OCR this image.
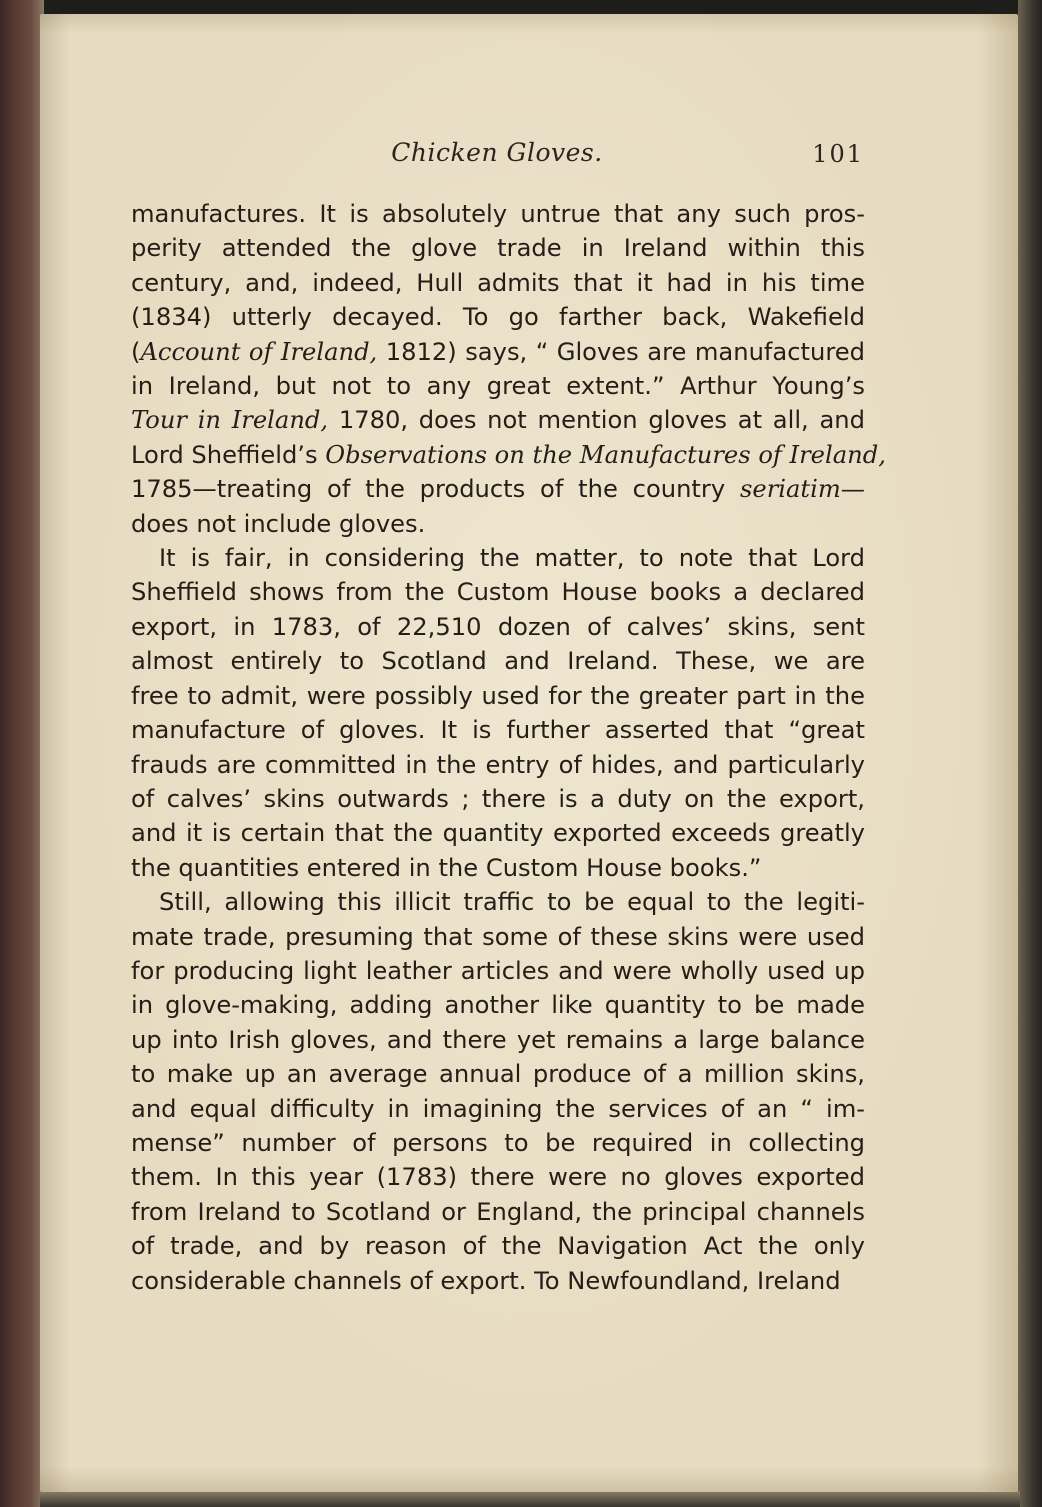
Chicken Gloves.	101
manufactures. It is absolutely untrue that any such pros-
perity attended the glove trade in Ireland within this
century, and, indeed, Hull admits that it had in his time
(1834) utterly decayed. To go farther back, Wakefield
(Account of Ireland, 1812) says, “ Gloves are manufactured
in Ireland, but not to any great extent.” Arthur Young’s
Tour in Ireland, 1780, does not mention gloves at all, and
Lord Sheffield’s Observations on the Manufactures of Ireland,
1785—treating of the products of the country seriatim—
does not include gloves.
It is fair, in considering the matter, to note that Lord
Sheffield shows from the Custom House books a declared
export, in 1783, of 22,510 dozen of calves’ skins, sent
almost entirely to Scotland and Ireland. These, we are
free to admit, were possibly used for the greater part in the
manufacture of gloves. It is further asserted that “great
frauds are committed in the entry of hides, and particularly
of calves’ skins outwards ; there is a duty on the export,
and it is certain that the quantity exported exceeds greatly
the quantities entered in the Custom House books.”
Still, allowing this illicit traffic to be equal to the legiti-
mate trade, presuming that some of these skins were used
for producing light leather articles and were wholly used up
in glove-making, adding another like quantity to be made
up into Irish gloves, and there yet remains a large balance
to make up an average annual produce of a million skins,
and equal difficulty in imagining the services of an “ im-
mense” number of persons to be required in collecting
them. In this year (1783) there were no gloves exported
from Ireland to Scotland or England, the principal channels
of trade, and by reason of the Navigation Act the only
considerable channels of export. To Newfoundland, Ireland
